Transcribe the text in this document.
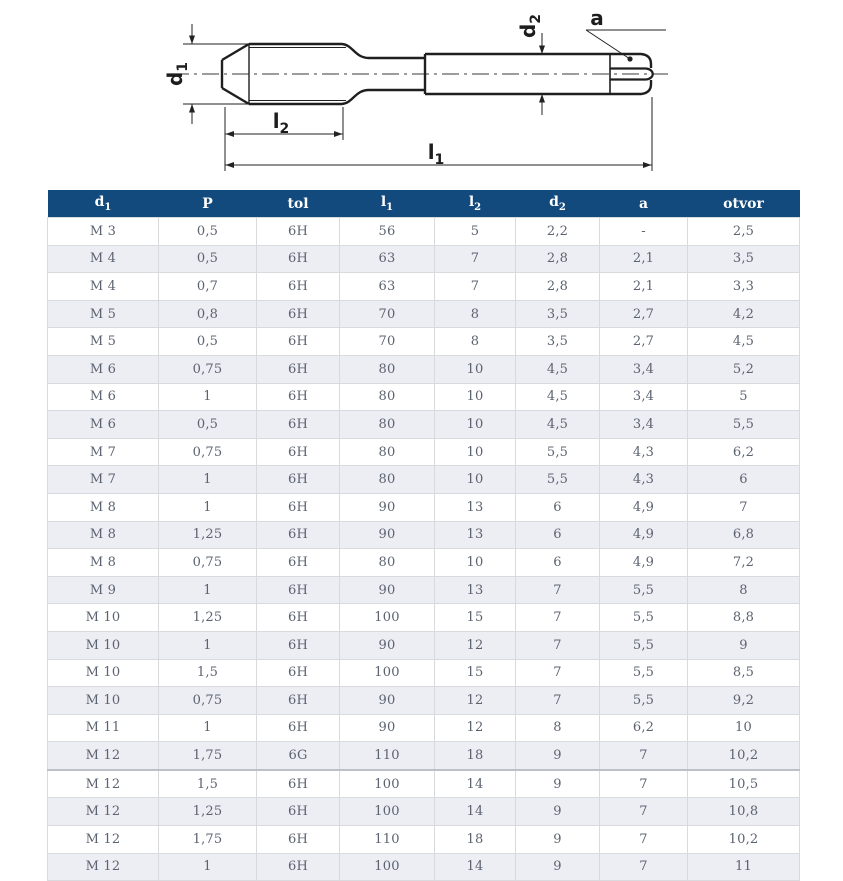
$d_1$
$l_2$
$l_1$
$d_2$ a
$d_1$	P	tol	$l_1$	$l_2$	$d_2$	a	otvor
M 3	0,5	6H	56	5	2,2	-	2,5
M 4	0,5	6H	63	7	2,8	2,1	3,5
M 4	0,7	6H	63	7	2,8	2,1	3,3
M 5	0,8	6H	70	8	3,5	2,7	4,2
M 5	0,5	6H	70	8	3,5	2,7	4,5
M 6	0,75	6H	80	10	4,5	3,4	5,2
M 6	1	6H	80	10	4,5	3,4	5
M 6	0,5	6H	80	10	4,5	3,4	5,5
M 7	0,75	6H	80	10	5,5	4,3	6,2
M 7	1	6H	80	10	5,5	4,3	6
M 8	1	6H	90	13	6	4,9	7
M 8	1,25	6H	90	13	6	4,9	6,8
M 8	0,75	6H	80	10	6	4,9	7,2
M 9	1	6H	90	13	7	5,5	8
M 10	1,25	6H	100	15	7	5,5	8,8
M 10	1	6H	90	12	7	5,5	9
M 10	1,5	6H	100	15	7	5,5	8,5
M 10	0,75	6H	90	12	7	5,5	9,2
M 11	1	6H	90	12	8	6,2	10
M 12	1,75	6G	110	18	9	7	10,2
M 12	1,5	6H	100	14	9	7	10,5
M 12	1,25	6H	100	14	9	7	10,8
M 12	1,75	6H	110	18	9	7	10,2
M 12	1	6H	100	14	9	7	11
